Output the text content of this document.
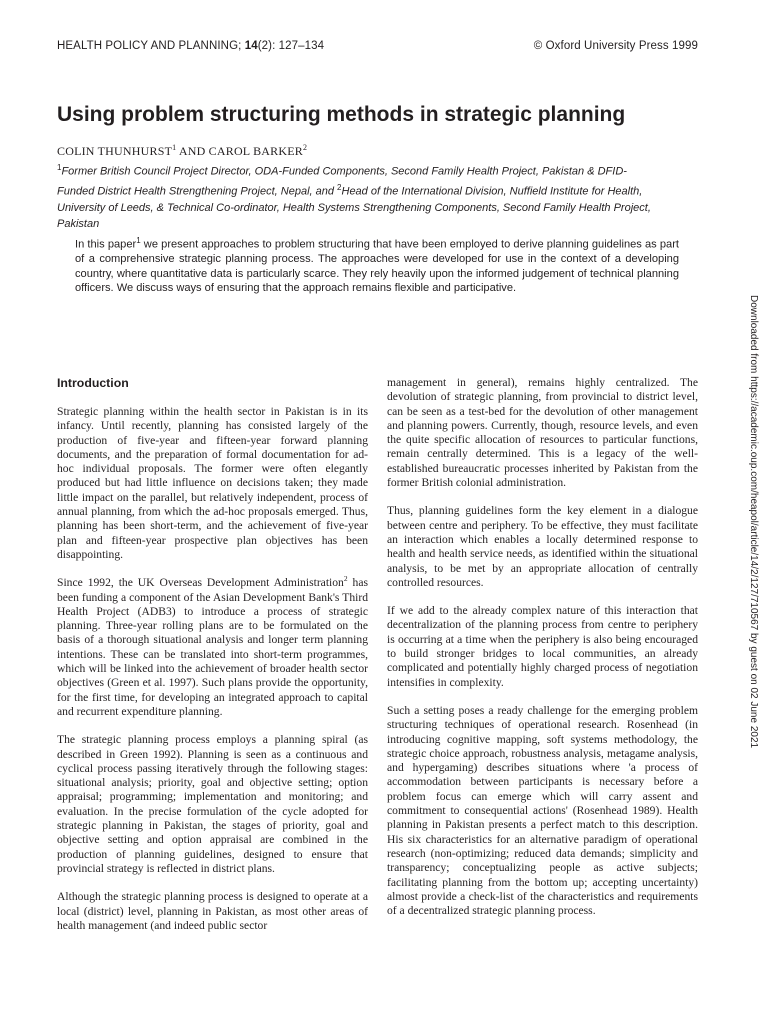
HEALTH POLICY AND PLANNING; 14(2): 127–134	© Oxford University Press 1999
Using problem structuring methods in strategic planning
COLIN THUNHURST$^1$ AND CAROL BARKER$^2$
$^1$Former British Council Project Director, ODA-Funded Components, Second Family Health Project, Pakistan & DFID-Funded District Health Strengthening Project, Nepal, and $^2$Head of the International Division, Nuffield Institute for Health, University of Leeds, & Technical Co-ordinator, Health Systems Strengthening Components, Second Family Health Project, Pakistan
In this paper$^1$ we present approaches to problem structuring that have been employed to derive planning guidelines as part of a comprehensive strategic planning process. The approaches were developed for use in the context of a developing country, where quantitative data is particularly scarce. They rely heavily upon the informed judgement of technical planning officers. We discuss ways of ensuring that the approach remains flexible and participative.
Downloaded from https://academic.oup.com/heapol/article/14/2/127/710567 by guest on 02 June 2021
Introduction

Strategic planning within the health sector in Pakistan is in its infancy. Until recently, planning has consisted largely of the production of five-year and fifteen-year forward planning documents, and the preparation of formal documentation for ad-hoc individual proposals. The former were often elegantly produced but had little influence on decisions taken; they made little impact on the parallel, but relatively independent, process of annual planning, from which the ad-hoc proposals emerged. Thus, planning has been short-term, and the achievement of five-year plan and fifteen-year prospective plan objectives has been disappointing.

Since 1992, the UK Overseas Development Administration$^2$ has been funding a component of the Asian Development Bank's Third Health Project (ADB3) to introduce a process of strategic planning. Three-year rolling plans are to be formulated on the basis of a thorough situational analysis and longer term planning intentions. These can be translated into short-term programmes, which will be linked into the achievement of broader health sector objectives (Green et al. 1997). Such plans provide the opportunity, for the first time, for developing an integrated approach to capital and recurrent expenditure planning.

The strategic planning process employs a planning spiral (as described in Green 1992). Planning is seen as a continuous and cyclical process passing iteratively through the following stages: situational analysis; priority, goal and objective setting; option appraisal; programming; implementation and monitoring; and evaluation. In the precise formulation of the cycle adopted for strategic planning in Pakistan, the stages of priority, goal and objective setting and option appraisal are combined in the production of planning guidelines, designed to ensure that provincial strategy is reflected in district plans.

Although the strategic planning process is designed to operate at a local (district) level, planning in Pakistan, as most other areas of health management (and indeed public sector

management in general), remains highly centralized. The devolution of strategic planning, from provincial to district level, can be seen as a test-bed for the devolution of other management and planning powers. Currently, though, resource levels, and even the quite specific allocation of resources to particular functions, remain centrally determined. This is a legacy of the well-established bureaucratic processes inherited by Pakistan from the former British colonial administration.

Thus, planning guidelines form the key element in a dialogue between centre and periphery. To be effective, they must facilitate an interaction which enables a locally determined response to health and health service needs, as identified within the situational analysis, to be met by an appropriate allocation of centrally controlled resources.

If we add to the already complex nature of this interaction that decentralization of the planning process from centre to periphery is occurring at a time when the periphery is also being encouraged to build stronger bridges to local communities, an already complicated and potentially highly charged process of negotiation intensifies in complexity.

Such a setting poses a ready challenge for the emerging problem structuring techniques of operational research. Rosenhead (in introducing cognitive mapping, soft systems methodology, the strategic choice approach, robustness analysis, metagame analysis, and hypergaming) describes situations where 'a process of accommodation between participants is necessary before a problem focus can emerge which will carry assent and commitment to consequential actions' (Rosenhead 1989). Health planning in Pakistan presents a perfect match to this description. His six characteristics for an alternative paradigm of operational research (non-optimizing; reduced data demands; simplicity and transparency; conceptualizing people as active subjects; facilitating planning from the bottom up; accepting uncertainty) almost provide a check-list of the characteristics and requirements of a decentralized strategic planning process.
